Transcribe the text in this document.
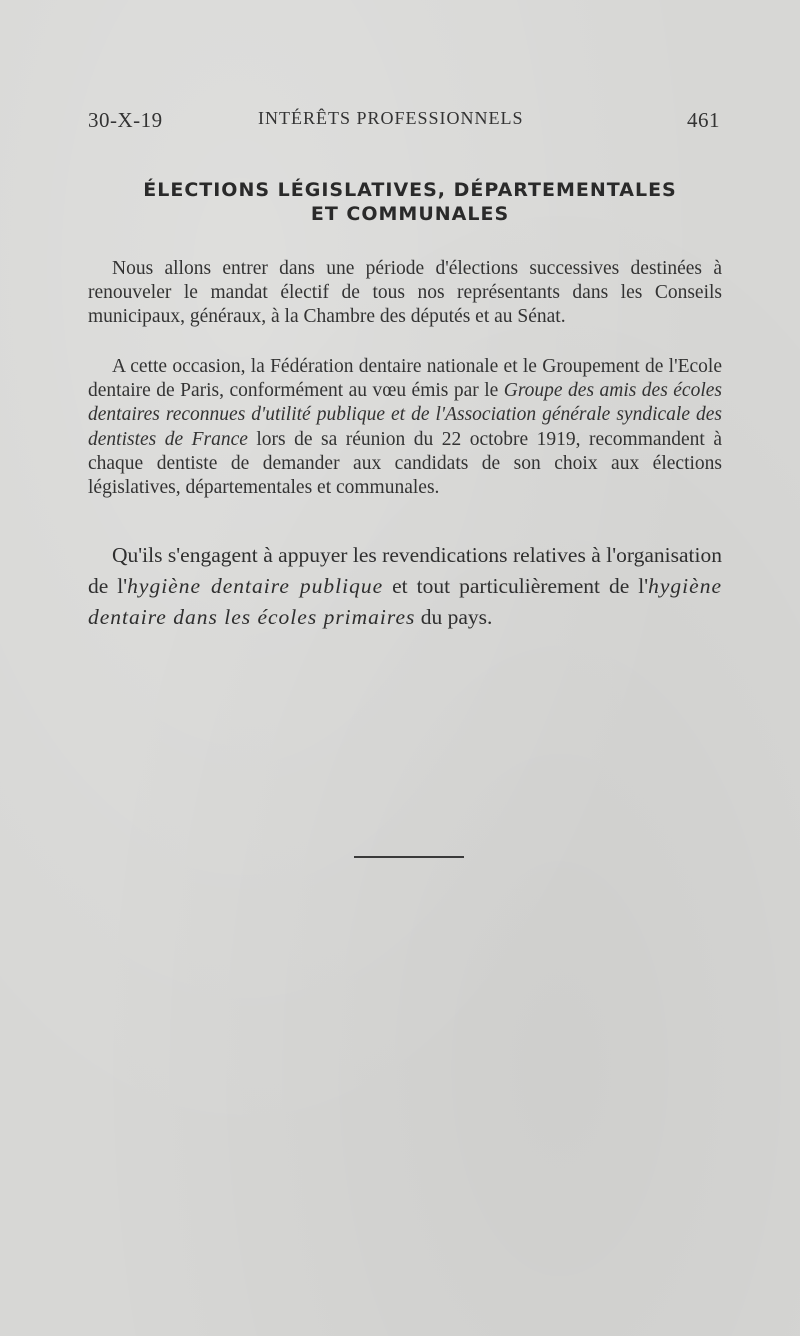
30-X-19	INTÉRÊTS PROFESSIONNELS	461
ÉLECTIONS LÉGISLATIVES, DÉPARTEMENTALES
ET COMMUNALES

Nous allons entrer dans une période d'élections successives destinées à renouveler le mandat électif de tous nos représentants dans les Conseils municipaux, généraux, à la Chambre des députés et au Sénat.

A cette occasion, la Fédération dentaire nationale et le Groupement de l'Ecole dentaire de Paris, conformément au vœu émis par le Groupe des amis des écoles dentaires reconnues d'utilité publique et de l'Association générale syndicale des dentistes de France lors de sa réunion du 22 octobre 1919, recommandent à chaque dentiste de demander aux candidats de son choix aux élections législatives, départementales et communales.

Qu'ils s'engagent à appuyer les revendications relatives à l'organisation de l'hygiène dentaire publique et tout particulièrement de l'hygiène dentaire dans les écoles primaires du pays.
